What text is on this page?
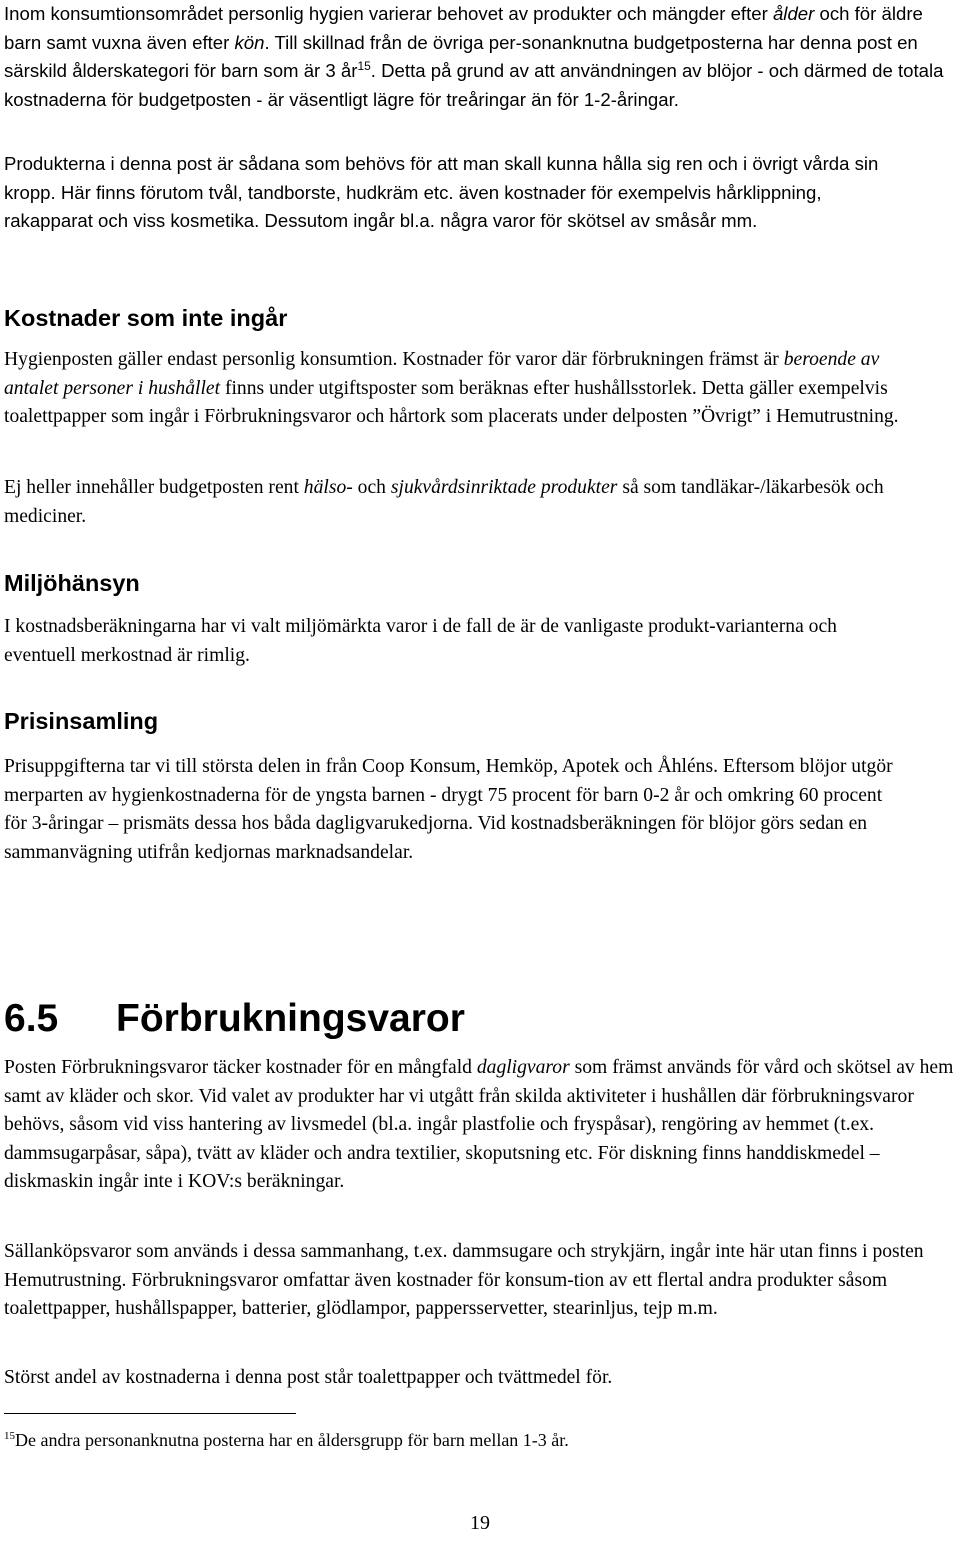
Inom konsumtionsområdet personlig hygien varierar behovet av produkter och mängder efter ålder och för äldre barn samt vuxna även efter kön. Till skillnad från de övriga per-sonanknutna budgetposterna har denna post en särskild ålderskategori för barn som är 3 $år^{15}$. Detta på grund av att användningen av blöjor - och därmed de totala kostnaderna för budgetposten - är väsentligt lägre för treåringar än för 1-2-åringar.

Produkterna i denna post är sådana som behövs för att man skall kunna hålla sig ren och i övrigt vårda sin kropp. Här finns förutom tvål, tandborste, hudkräm etc. även kostnader för exempelvis hårklippning, rakapparat och viss kosmetika. Dessutom ingår bl.a. några varor för skötsel av småsår mm.

Kostnader som inte ingår

Hygienposten gäller endast personlig konsumtion. Kostnader för varor där förbrukningen främst är beroende av antalet personer i hushållet finns under utgiftsposter som beräknas efter hushållsstorlek. Detta gäller exempelvis toalettpapper som ingår i Förbrukningsvaror och hårtork som placerats under delposten ”Övrigt” i Hemutrustning.

Ej heller innehåller budgetposten rent hälso- och sjukvårdsinriktade produkter så som tandläkar-/läkarbesök och mediciner.

Miljöhänsyn

I kostnadsberäkningarna har vi valt miljömärkta varor i de fall de är de vanligaste produkt-varianterna och eventuell merkostnad är rimlig.

Prisinsamling

Prisuppgifterna tar vi till största delen in från Coop Konsum, Hemköp, Apotek och Åhléns. Eftersom blöjor utgör merparten av hygienkostnaderna för de yngsta barnen - drygt 75 procent för barn 0-2 år och omkring 60 procent för 3-åringar – prismäts dessa hos båda dagligvarukedjorna. Vid kostnadsberäkningen för blöjor görs sedan en sammanvägning utifrån kedjornas marknadsandelar.

6.5 Förbrukningsvaror

Posten Förbrukningsvaror täcker kostnader för en mångfald dagligvaror som främst används för vård och skötsel av hem samt av kläder och skor. Vid valet av produkter har vi utgått från skilda aktiviteter i hushållen där förbrukningsvaror behövs, såsom vid viss hantering av livsmedel (bl.a. ingår plastfolie och fryspåsar), rengöring av hemmet (t.ex. dammsugarpåsar, såpa), tvätt av kläder och andra textilier, skoputsning etc. För diskning finns handdiskmedel – diskmaskin ingår inte i KOV:s beräkningar.

Sällanköpsvaror som används i dessa sammanhang, t.ex. dammsugare och strykjärn, ingår inte här utan finns i posten Hemutrustning. Förbrukningsvaror omfattar även kostnader för konsum-tion av ett flertal andra produkter såsom toalettpapper, hushållspapper, batterier, glödlampor, pappersservetter, stearinljus, tejp m.m.

Störst andel av kostnaderna i denna post står toalettpapper och tvättmedel för.

$^{15}$De andra personanknutna posterna har en åldersgrupp för barn mellan 1-3 år.

19
